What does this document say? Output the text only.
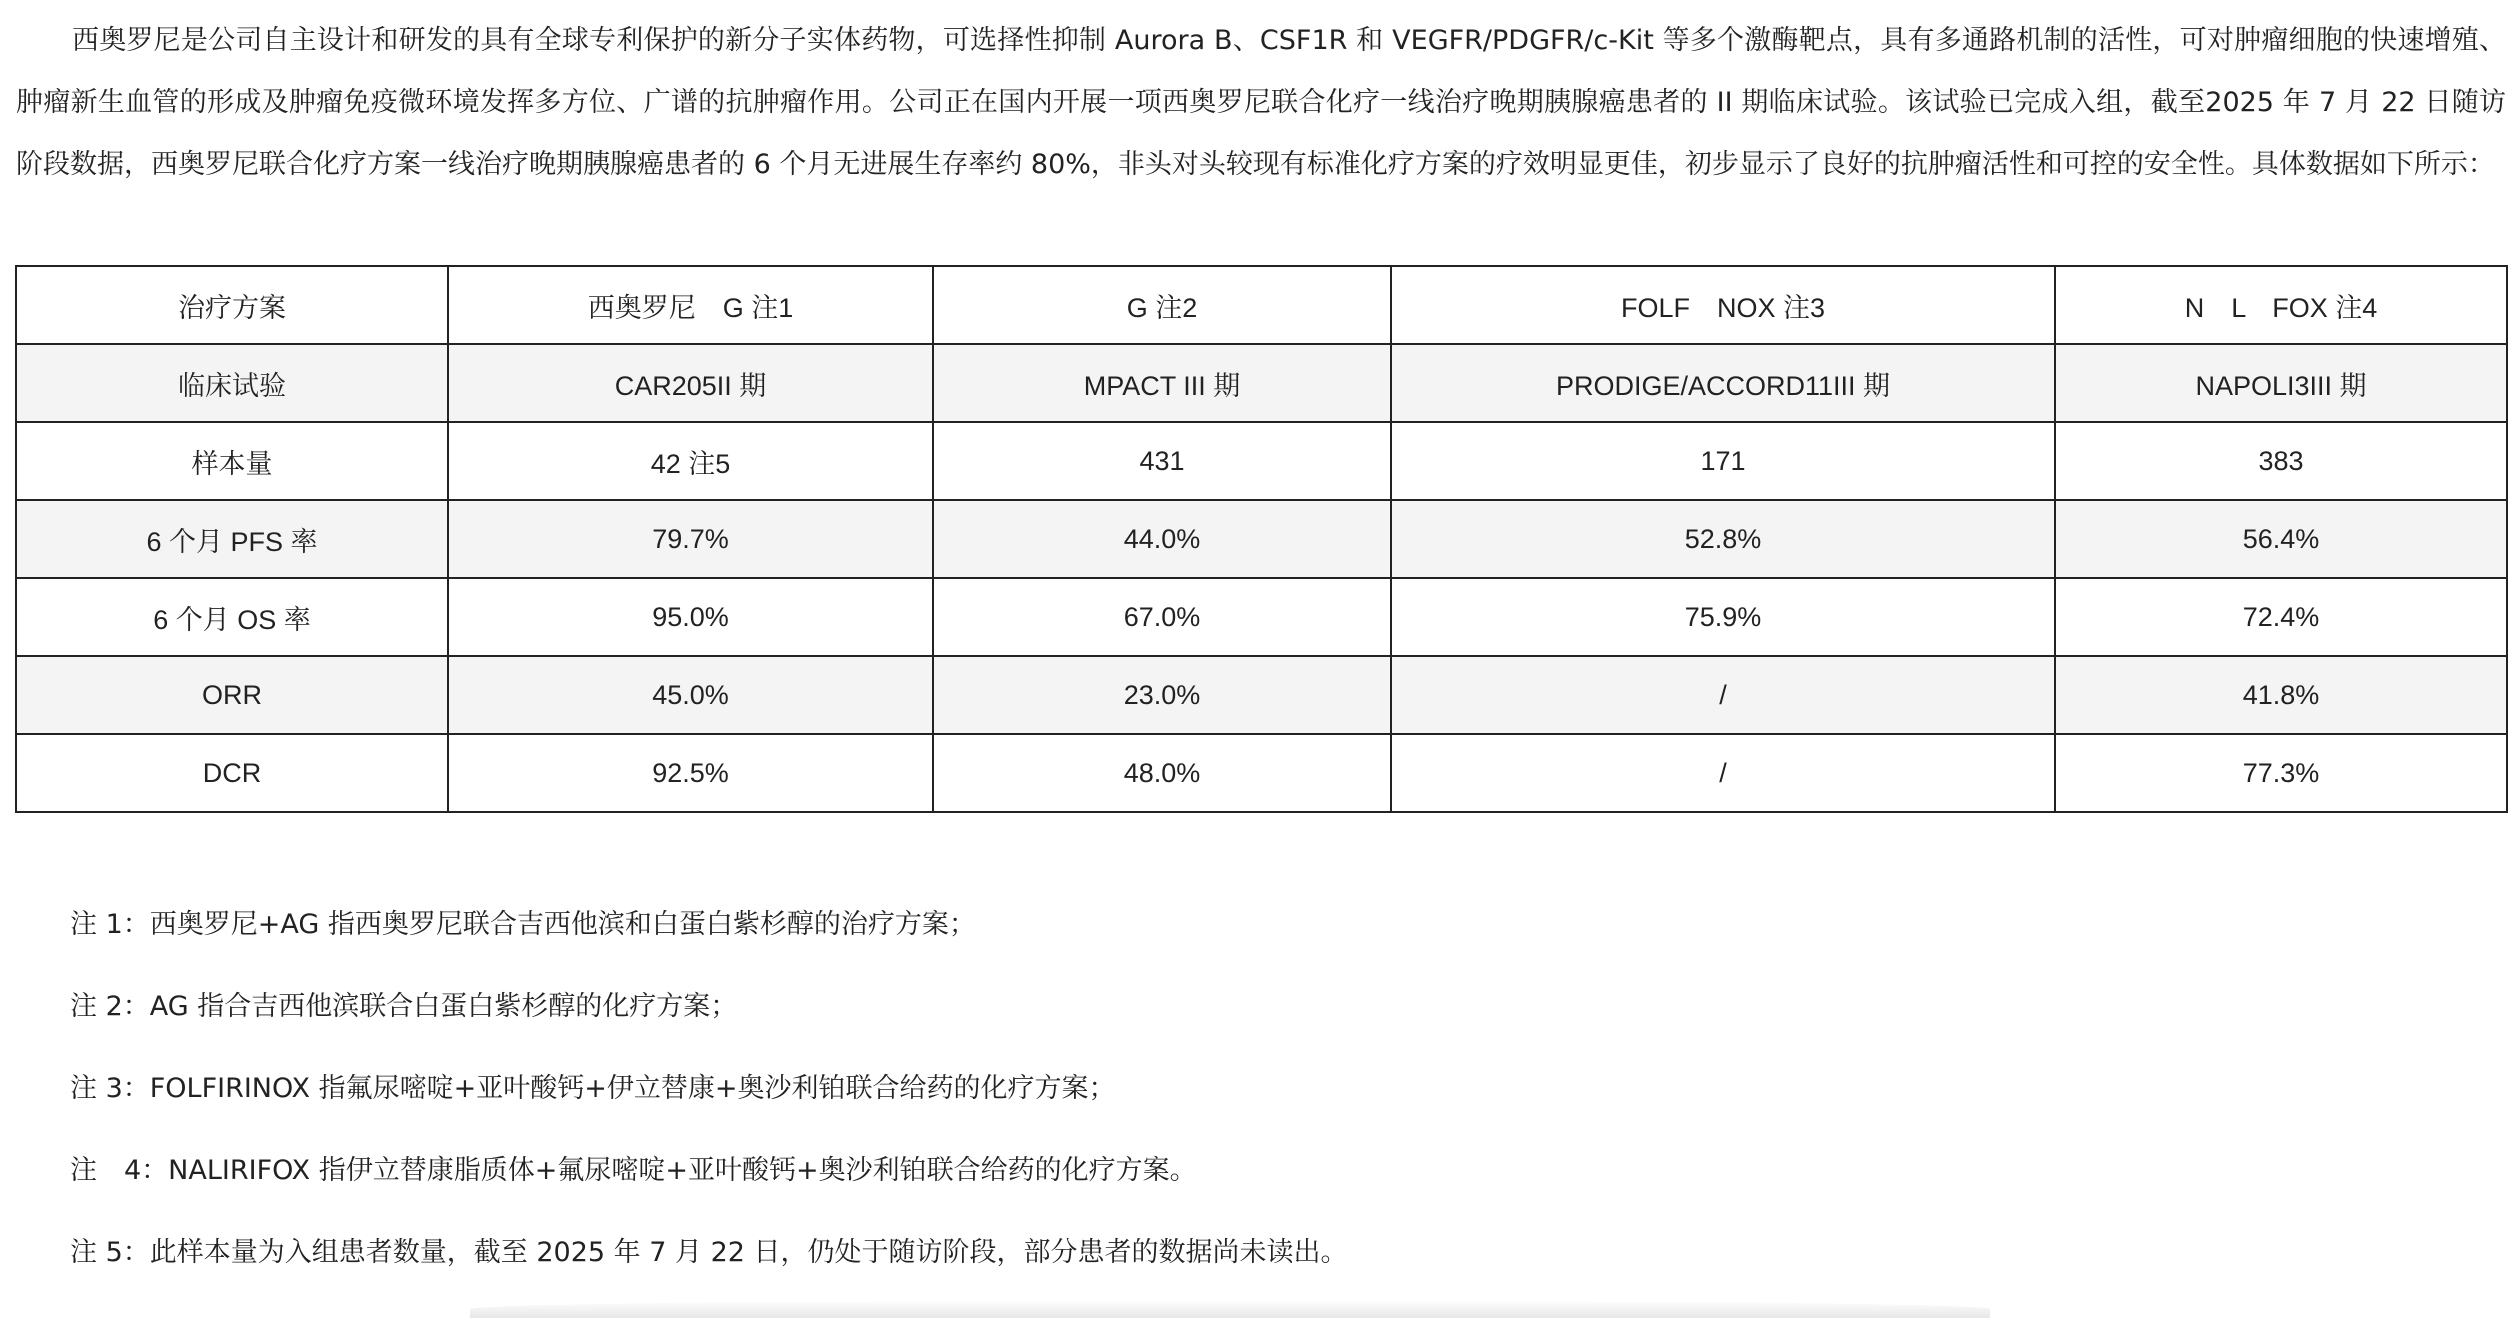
西奥罗尼是公司自主设计和研发的具有全球专利保护的新分子实体药物，可选择性抑制 Aurora B、CSF1R 和 VEGFR/PDGFR/c-Kit 等多个激酶靶点，具有多通路机制的活性，可对肿瘤细胞的快速增殖、肿瘤新生血管的形成及肿瘤免疫微环境发挥多方位、广谱的抗肿瘤作用。公司正在国内开展一项西奥罗尼联合化疗一线治疗晚期胰腺癌患者的 II 期临床试验。该试验已完成入组，截至2025 年 7 月 22 日随访阶段数据，西奥罗尼联合化疗方案一线治疗晚期胰腺癌患者的 6 个月无进展生存率约 80%，非头对头较现有标准化疗方案的疗效明显更佳，初步显示了良好的抗肿瘤活性和可控的安全性。具体数据如下所示：

治疗方案	西奥罗尼　G 注1	G 注2	FOLF　NOX 注3	N　L　FOX 注4
临床试验	CAR205II 期	MPACT III 期	PRODIGE/ACCORD11III 期	NAPOLI3III 期
样本量	42 注5	431	171	383
6 个月 PFS 率	79.7%	44.0%	52.8%	56.4%
6 个月 OS 率	95.0%	67.0%	75.9%	72.4%
ORR	45.0%	23.0%	/	41.8%
DCR	92.5%	48.0%	/	77.3%

注 1：西奥罗尼+AG 指西奥罗尼联合吉西他滨和白蛋白紫杉醇的治疗方案；

注 2：AG 指合吉西他滨联合白蛋白紫杉醇的化疗方案；

注 3：FOLFIRINOX 指氟尿嘧啶+亚叶酸钙+伊立替康+奥沙利铂联合给药的化疗方案；

注　4：NALIRIFOX 指伊立替康脂质体+氟尿嘧啶+亚叶酸钙+奥沙利铂联合给药的化疗方案。

注 5：此样本量为入组患者数量，截至 2025 年 7 月 22 日，仍处于随访阶段，部分患者的数据尚未读出。
